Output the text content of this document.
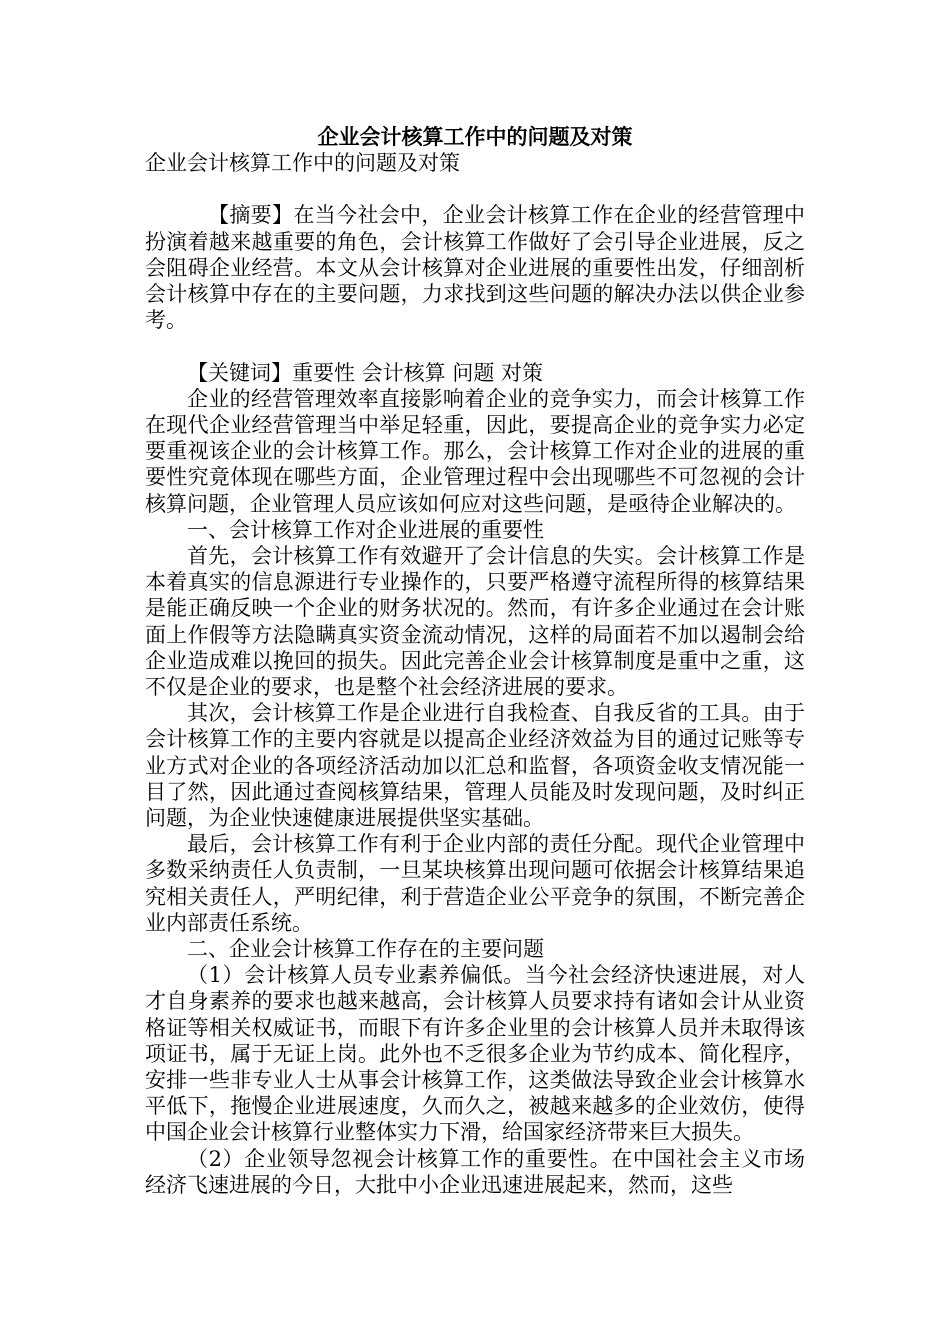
企业会计核算工作中的问题及对策

企业会计核算工作中的问题及对策

【摘要】在当今社会中，企业会计核算工作在企业的经营管理中扮演着越来越重要的角色，会计核算工作做好了会引导企业进展，反之会阻碍企业经营。本文从会计核算对企业进展的重要性出发，仔细剖析会计核算中存在的主要问题，力求找到这些问题的解决办法以供企业参考。

【关键词】重要性 会计核算 问题 对策

企业的经营管理效率直接影响着企业的竞争实力，而会计核算工作在现代企业经营管理当中举足轻重，因此，要提高企业的竞争实力必定要重视该企业的会计核算工作。那么，会计核算工作对企业的进展的重要性究竟体现在哪些方面，企业管理过程中会出现哪些不可忽视的会计核算问题，企业管理人员应该如何应对这些问题，是亟待企业解决的。

一、会计核算工作对企业进展的重要性

首先，会计核算工作有效避开了会计信息的失实。会计核算工作是本着真实的信息源进行专业操作的，只要严格遵守流程所得的核算结果是能正确反映一个企业的财务状况的。然而，有许多企业通过在会计账面上作假等方法隐瞒真实资金流动情况，这样的局面若不加以遏制会给企业造成难以挽回的损失。因此完善企业会计核算制度是重中之重，这不仅是企业的要求，也是整个社会经济进展的要求。

其次，会计核算工作是企业进行自我检查、自我反省的工具。由于会计核算工作的主要内容就是以提高企业经济效益为目的通过记账等专业方式对企业的各项经济活动加以汇总和监督，各项资金收支情况能一目了然，因此通过查阅核算结果，管理人员能及时发现问题，及时纠正问题，为企业快速健康进展提供坚实基础。

最后，会计核算工作有利于企业内部的责任分配。现代企业管理中多数采纳责任人负责制，一旦某块核算出现问题可依据会计核算结果追究相关责任人，严明纪律，利于营造企业公平竞争的氛围，不断完善企业内部责任系统。

二、企业会计核算工作存在的主要问题

（1）会计核算人员专业素养偏低。当今社会经济快速进展，对人才自身素养的要求也越来越高，会计核算人员要求持有诸如会计从业资格证等相关权威证书，而眼下有许多企业里的会计核算人员并未取得该项证书，属于无证上岗。此外也不乏很多企业为节约成本、简化程序，安排一些非专业人士从事会计核算工作，这类做法导致企业会计核算水平低下，拖慢企业进展速度，久而久之，被越来越多的企业效仿，使得中国企业会计核算行业整体实力下滑，给国家经济带来巨大损失。

（2）企业领导忽视会计核算工作的重要性。在中国社会主义市场经济飞速进展的今日，大批中小企业迅速进展起来，然而，这些
